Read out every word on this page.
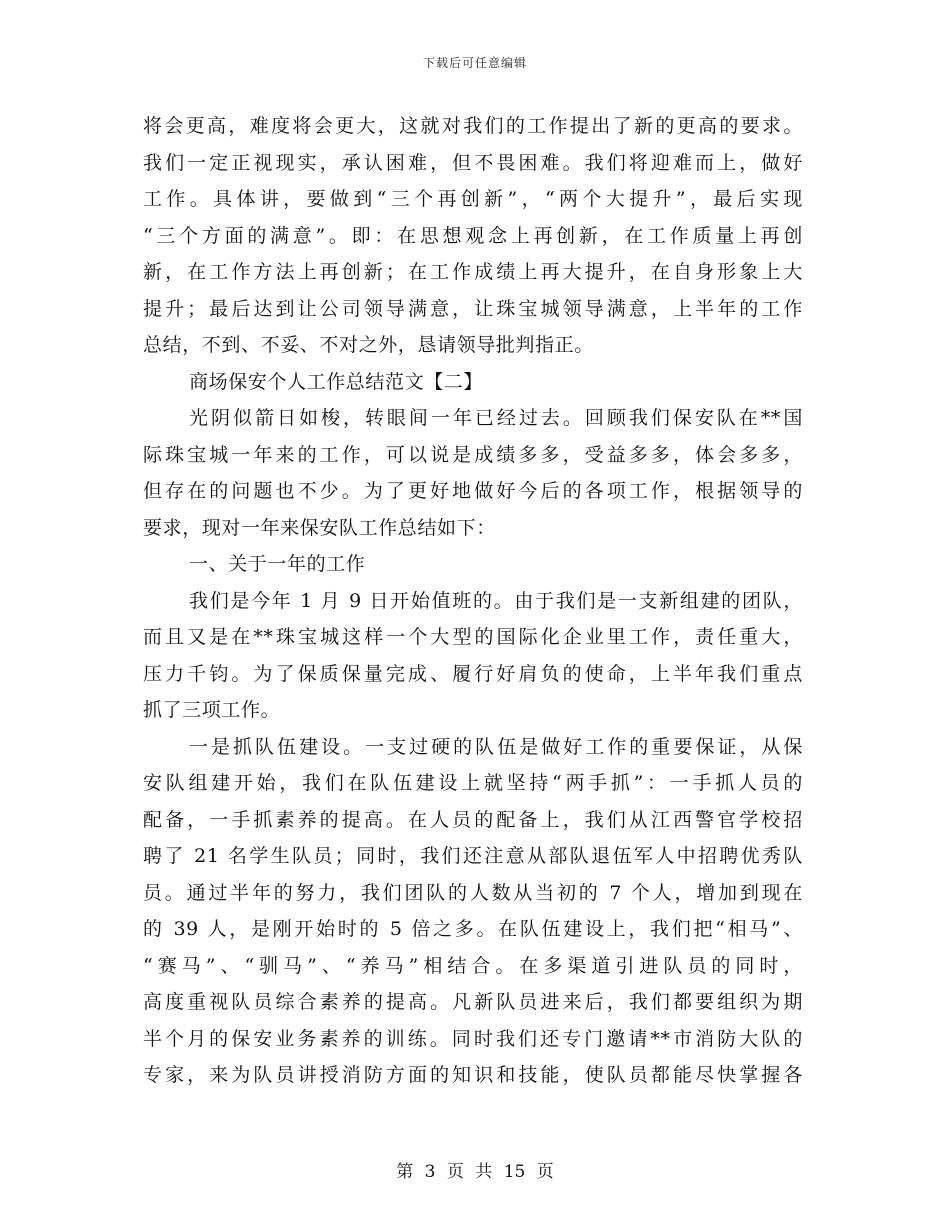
下载后可任意编辑
将会更高，难度将会更大，这就对我们的工作提出了新的更高的要求。
我们一定正视现实，承认困难，但不畏困难。我们将迎难而上，做好
工作。具体讲，要做到“三个再创新”，“两个大提升”，最后实现
“三个方面的满意”。即：在思想观念上再创新，在工作质量上再创
新，在工作方法上再创新；在工作成绩上再大提升，在自身形象上大
提升；最后达到让公司领导满意，让珠宝城领导满意，上半年的工作
总结，不到、不妥、不对之外，恳请领导批判指正。
商场保安个人工作总结范文【二】
光阴似箭日如梭，转眼间一年已经过去。回顾我们保安队在**国
际珠宝城一年来的工作，可以说是成绩多多，受益多多，体会多多，
但存在的问题也不少。为了更好地做好今后的各项工作，根据领导的
要求，现对一年来保安队工作总结如下：
一、关于一年的工作
我们是今年 1 月 9 日开始值班的。由于我们是一支新组建的团队，
而且又是在**珠宝城这样一个大型的国际化企业里工作，责任重大，
压力千钧。为了保质保量完成、履行好肩负的使命，上半年我们重点
抓了三项工作。
一是抓队伍建设。一支过硬的队伍是做好工作的重要保证，从保
安队组建开始，我们在队伍建设上就坚持“两手抓”：一手抓人员的
配备，一手抓素养的提高。在人员的配备上，我们从江西警官学校招
聘了 21 名学生队员；同时，我们还注意从部队退伍军人中招聘优秀队
员。通过半年的努力，我们团队的人数从当初的 7 个人，增加到现在
的 39 人，是刚开始时的 5 倍之多。在队伍建设上，我们把“相马”、
“赛马”、“驯马”、“养马”相结合。在多渠道引进队员的同时，
高度重视队员综合素养的提高。凡新队员进来后，我们都要组织为期
半个月的保安业务素养的训练。同时我们还专门邀请**市消防大队的
专家，来为队员讲授消防方面的知识和技能，使队员都能尽快掌握各
第 3 页 共 15 页
